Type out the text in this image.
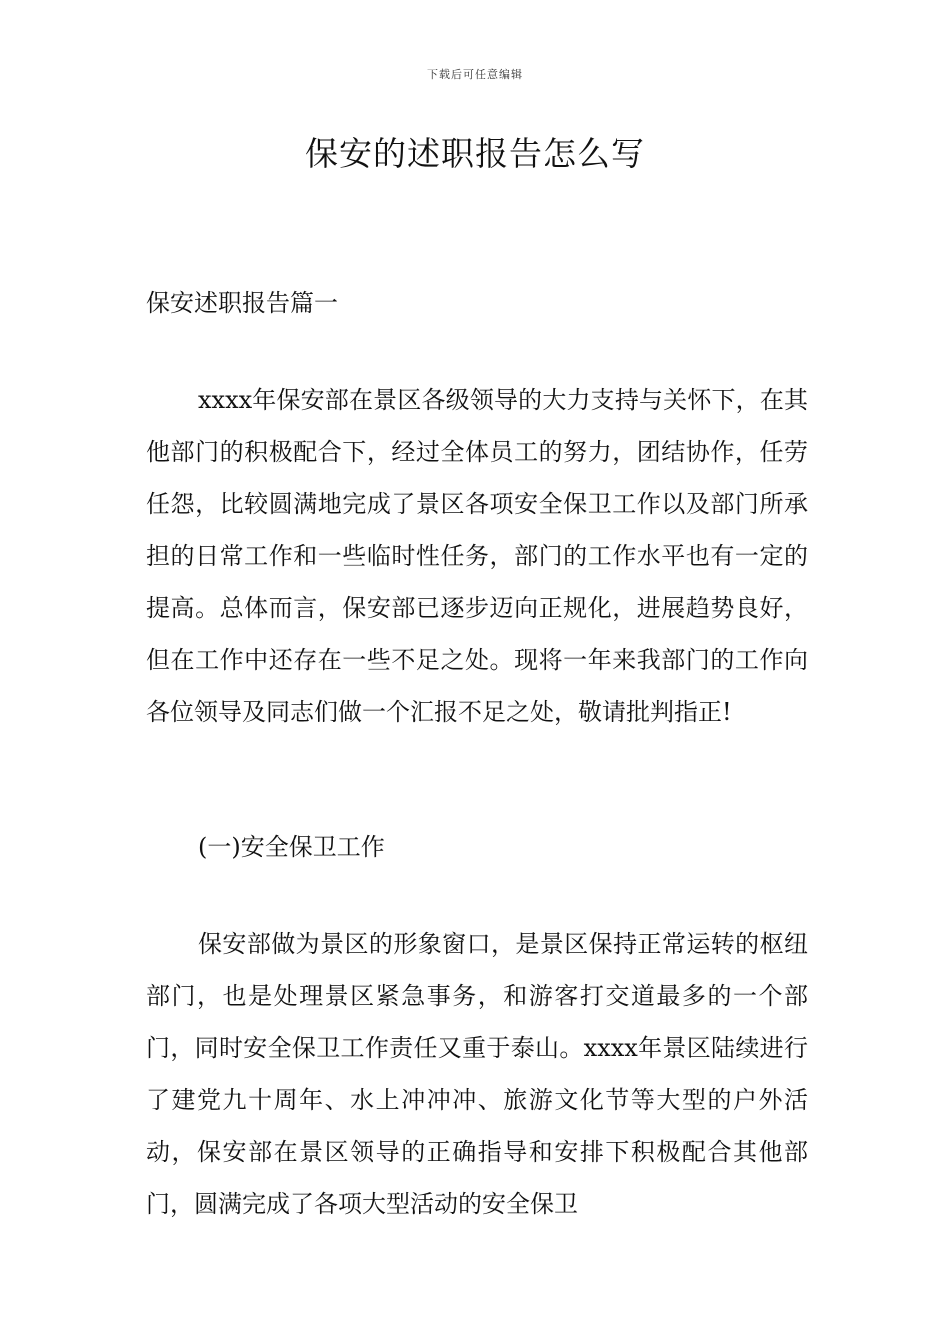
下载后可任意编辑
保安的述职报告怎么写
保安述职报告篇一
xxxx年保安部在景区各级领导的大力支持与关怀下，在其他部门的积极配合下，经过全体员工的努力，团结协作，任劳任怨，比较圆满地完成了景区各项安全保卫工作以及部门所承担的日常工作和一些临时性任务，部门的工作水平也有一定的提高。总体而言，保安部已逐步迈向正规化，进展趋势良好，但在工作中还存在一些不足之处。现将一年来我部门的工作向各位领导及同志们做一个汇报不足之处，敬请批判指正!
(一)安全保卫工作
保安部做为景区的形象窗口，是景区保持正常运转的枢纽部门，也是处理景区紧急事务，和游客打交道最多的一个部门，同时安全保卫工作责任又重于泰山。xxxx年景区陆续进行了建党九十周年、水上冲冲冲、旅游文化节等大型的户外活动，保安部在景区领导的正确指导和安排下积极配合其他部门，圆满完成了各项大型活动的安全保卫
